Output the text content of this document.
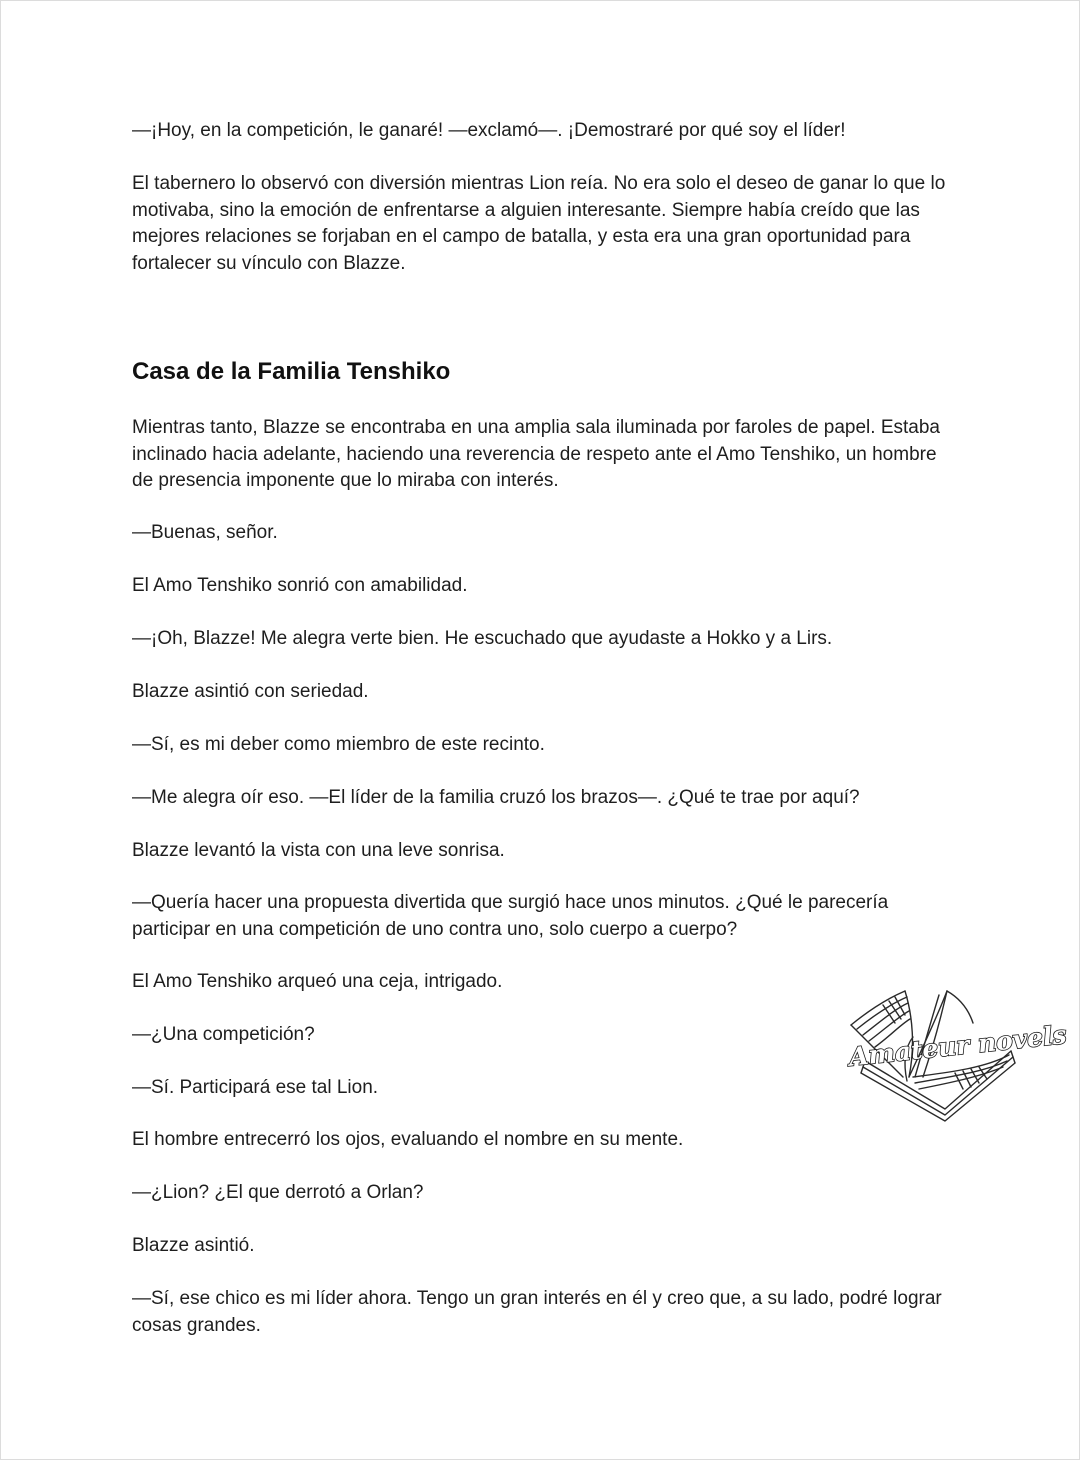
—¡Hoy, en la competición, le ganaré! —exclamó—. ¡Demostraré por qué soy el líder!

El tabernero lo observó con diversión mientras Lion reía. No era solo el deseo de ganar lo que lo motivaba, sino la emoción de enfrentarse a alguien interesante. Siempre había creído que las mejores relaciones se forjaban en el campo de batalla, y esta era una gran oportunidad para fortalecer su vínculo con Blazze.

Casa de la Familia Tenshiko

Mientras tanto, Blazze se encontraba en una amplia sala iluminada por faroles de papel. Estaba inclinado hacia adelante, haciendo una reverencia de respeto ante el Amo Tenshiko, un hombre de presencia imponente que lo miraba con interés.

—Buenas, señor.

El Amo Tenshiko sonrió con amabilidad.

—¡Oh, Blazze! Me alegra verte bien. He escuchado que ayudaste a Hokko y a Lirs.

Blazze asintió con seriedad.

—Sí, es mi deber como miembro de este recinto.

—Me alegra oír eso. —El líder de la familia cruzó los brazos—. ¿Qué te trae por aquí?

Blazze levantó la vista con una leve sonrisa.

—Quería hacer una propuesta divertida que surgió hace unos minutos. ¿Qué le parecería participar en una competición de uno contra uno, solo cuerpo a cuerpo?

El Amo Tenshiko arqueó una ceja, intrigado.

—¿Una competición?

—Sí. Participará ese tal Lion.

El hombre entrecerró los ojos, evaluando el nombre en su mente.

—¿Lion? ¿El que derrotó a Orlan?

Blazze asintió.

—Sí, ese chico es mi líder ahora. Tengo un gran interés en él y creo que, a su lado, podré lograr cosas grandes.

Amateur novels
